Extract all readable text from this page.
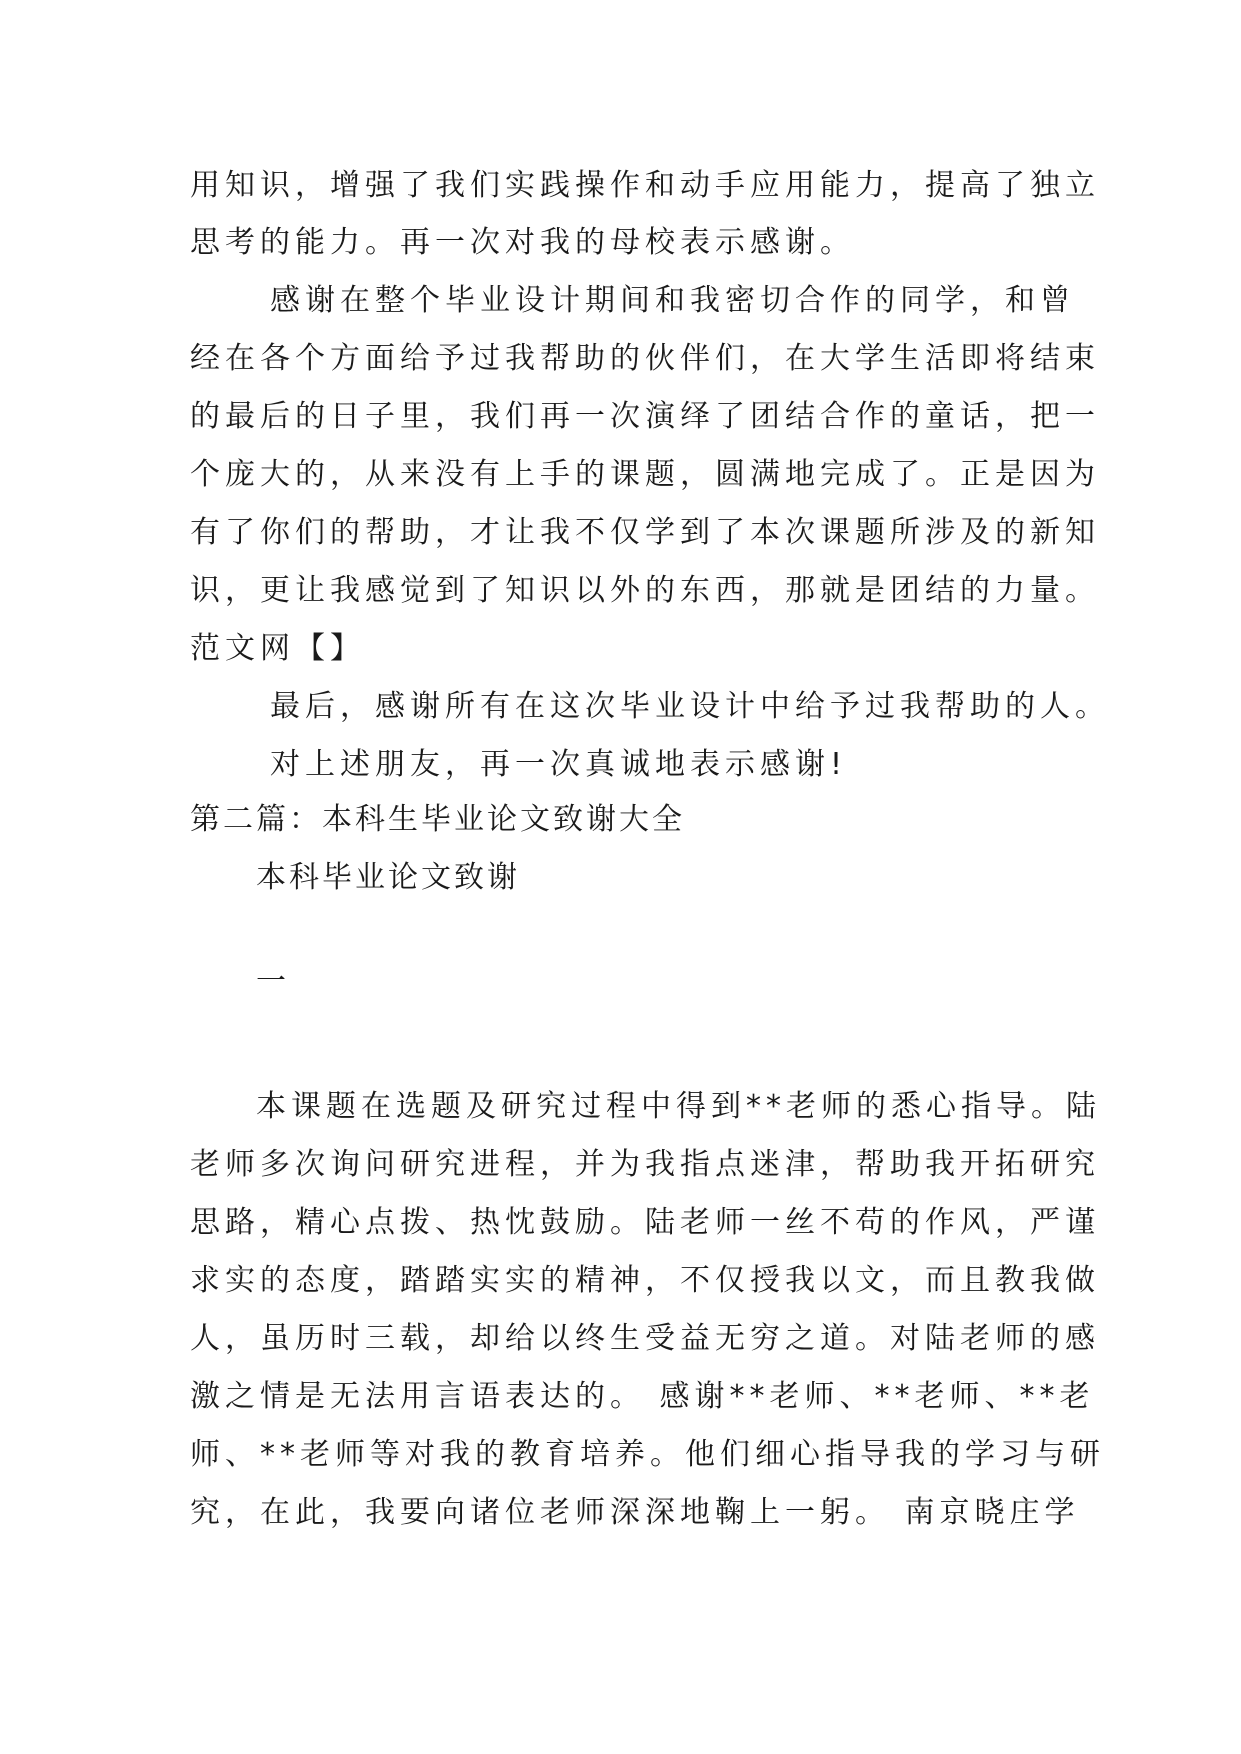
用知识，增强了我们实践操作和动手应用能力，提高了独立
思考的能力。再一次对我的母校表示感谢。
感谢在整个毕业设计期间和我密切合作的同学，和曾
经在各个方面给予过我帮助的伙伴们，在大学生活即将结束
的最后的日子里，我们再一次演绎了团结合作的童话，把一
个庞大的，从来没有上手的课题，圆满地完成了。正是因为
有了你们的帮助，才让我不仅学到了本次课题所涉及的新知
识，更让我感觉到了知识以外的东西，那就是团结的力量。
范文网【】
最后，感谢所有在这次毕业设计中给予过我帮助的人。
对上述朋友，再一次真诚地表示感谢!
第二篇：本科生毕业论文致谢大全
本科毕业论文致谢
一
本课题在选题及研究过程中得到**老师的悉心指导。陆
老师多次询问研究进程，并为我指点迷津，帮助我开拓研究
思路，精心点拨、热忱鼓励。陆老师一丝不苟的作风，严谨
求实的态度，踏踏实实的精神，不仅授我以文，而且教我做
人，虽历时三载，却给以终生受益无穷之道。对陆老师的感
激之情是无法用言语表达的。 感谢**老师、**老师、**老
师、**老师等对我的教育培养。他们细心指导我的学习与研
究，在此，我要向诸位老师深深地鞠上一躬。 南京晓庄学
